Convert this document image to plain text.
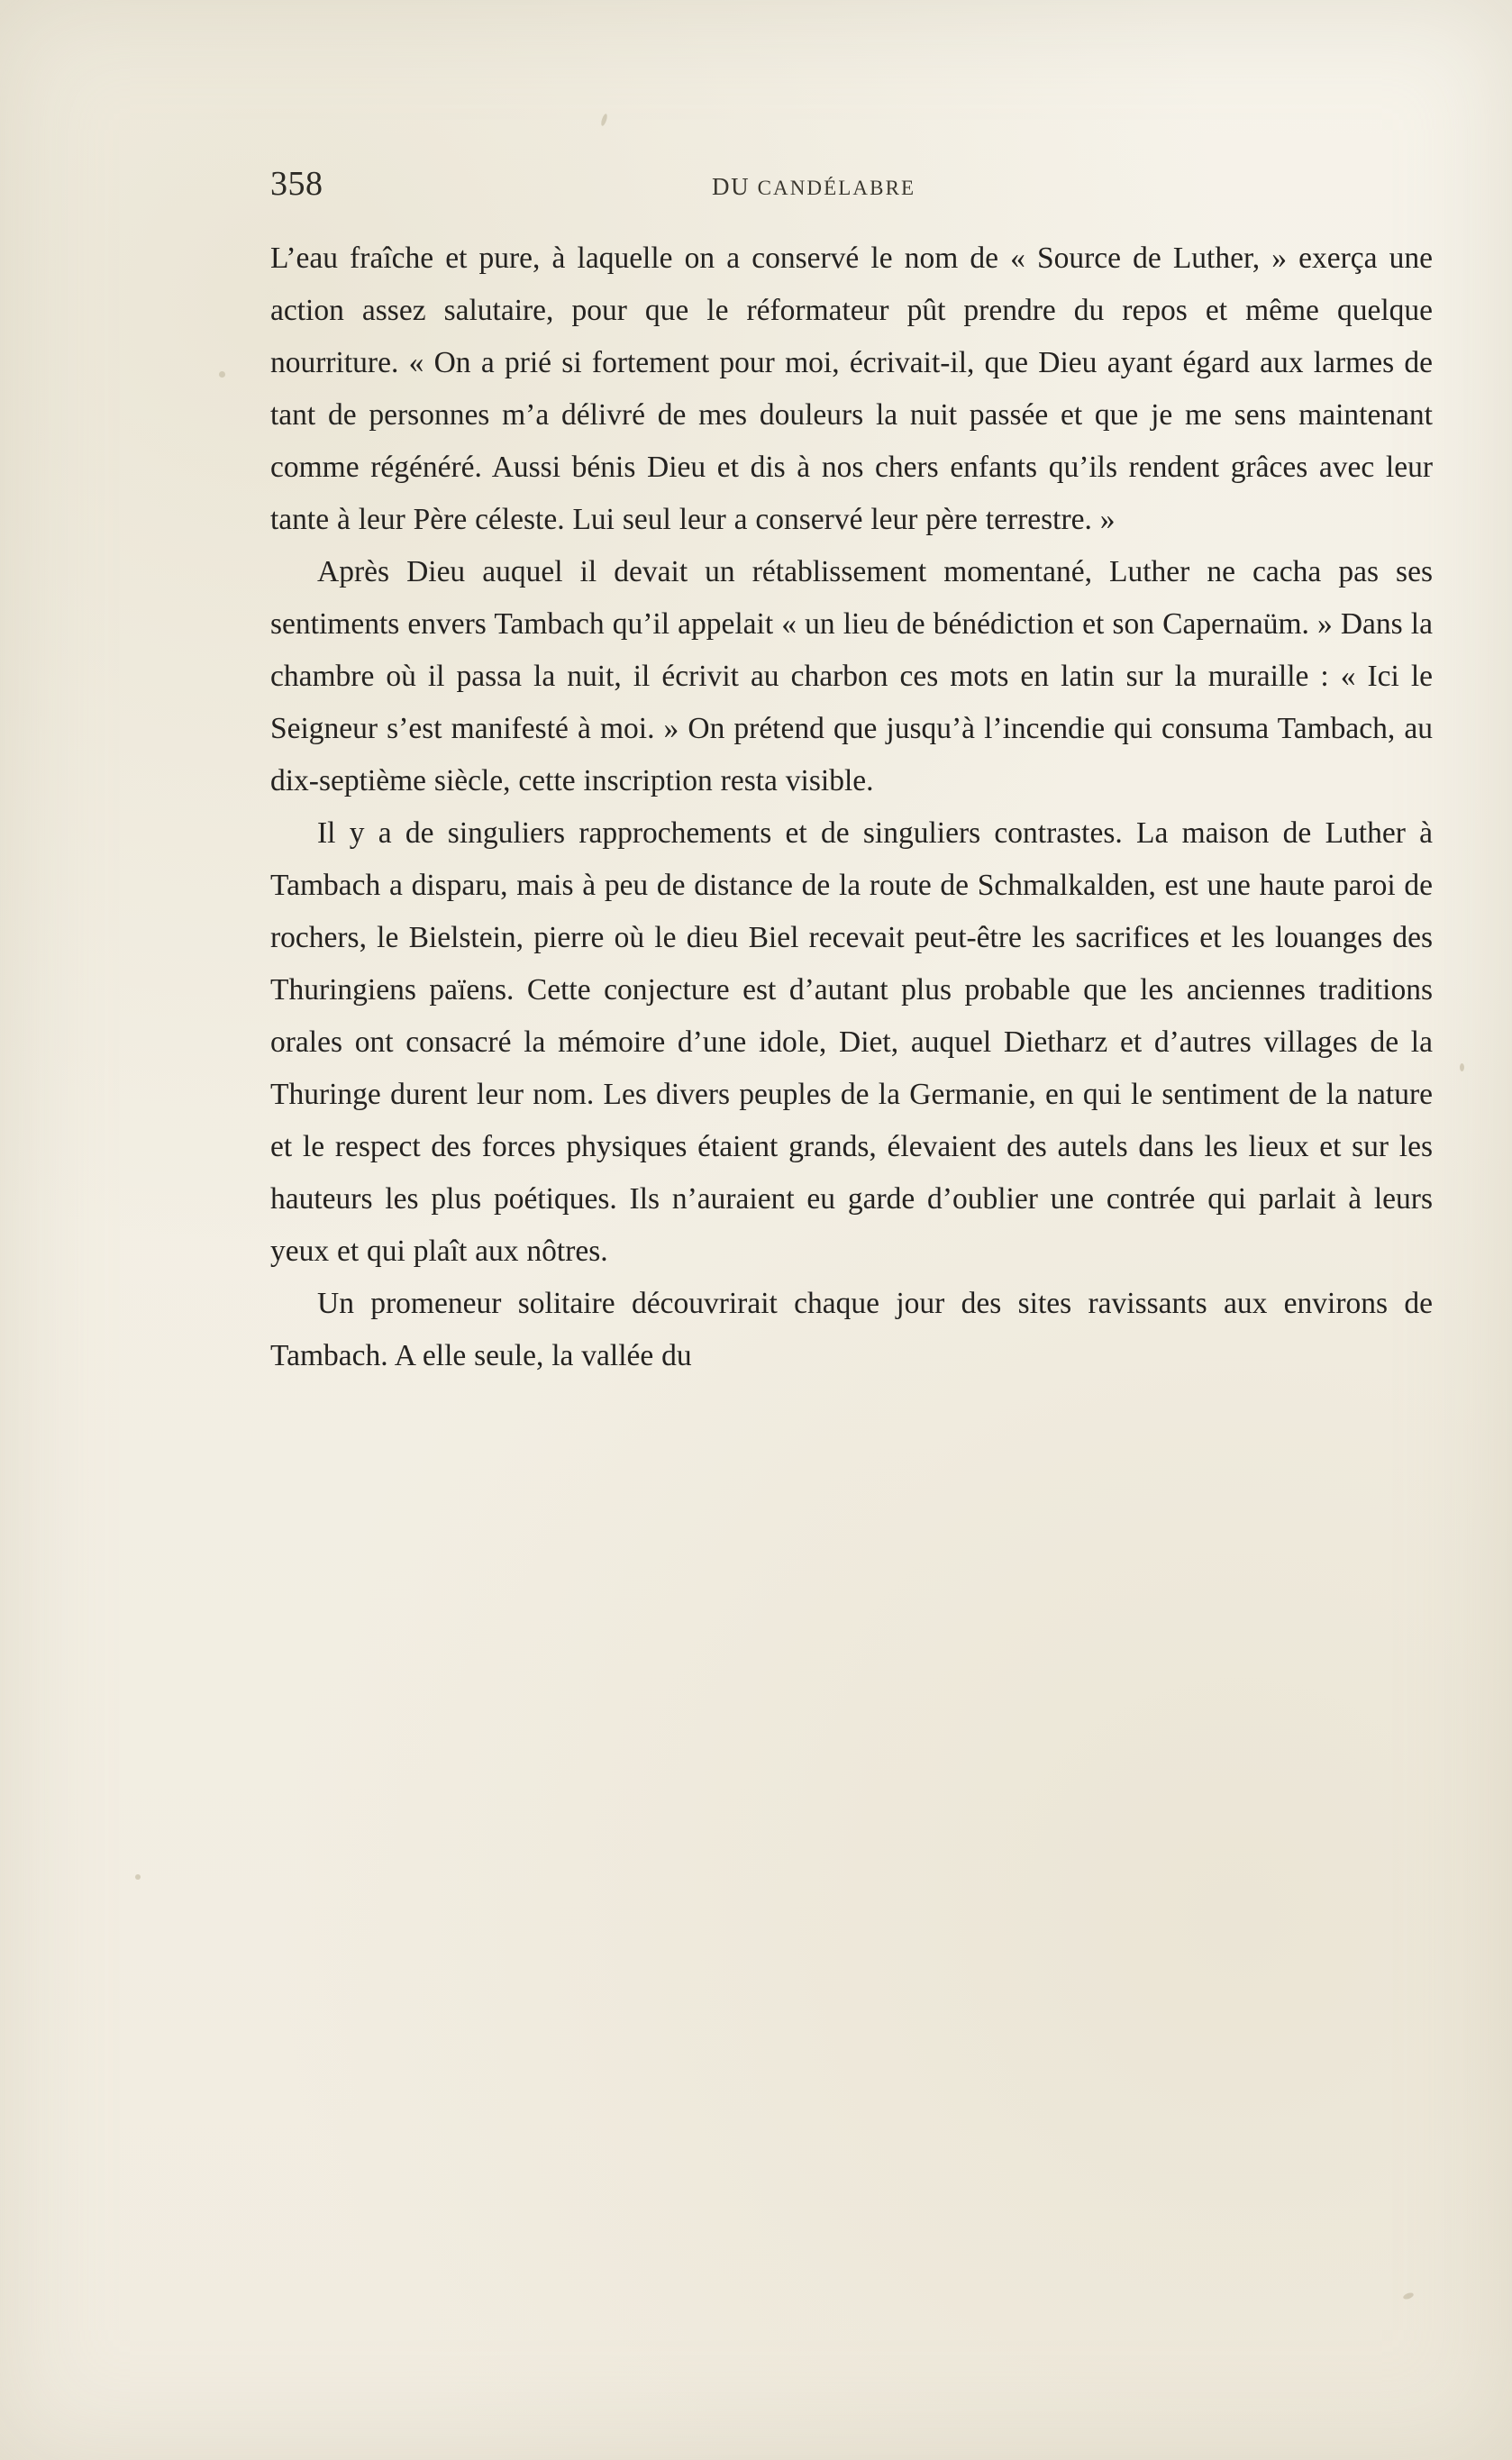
358	DU CANDÉLABRE

L’eau fraîche et pure, à laquelle on a conservé le nom de « Source de Luther, » exerça une action assez salutaire, pour que le réformateur pût prendre du repos et même quelque nourriture. « On a prié si fortement pour moi, écrivait-il, que Dieu ayant égard aux larmes de tant de personnes m’a délivré de mes douleurs la nuit passée et que je me sens maintenant comme régénéré. Aussi bénis Dieu et dis à nos chers enfants qu’ils rendent grâces avec leur tante à leur Père céleste. Lui seul leur a conservé leur père terrestre. »

Après Dieu auquel il devait un rétablissement momentané, Luther ne cacha pas ses sentiments envers Tambach qu’il appelait « un lieu de bénédiction et son Capernaüm. » Dans la chambre où il passa la nuit, il écrivit au charbon ces mots en latin sur la muraille : « Ici le Seigneur s’est manifesté à moi. » On prétend que jusqu’à l’incendie qui consuma Tambach, au dix-septième siècle, cette inscription resta visible.

Il y a de singuliers rapprochements et de singuliers contrastes. La maison de Luther à Tambach a disparu, mais à peu de distance de la route de Schmalkalden, est une haute paroi de rochers, le Bielstein, pierre où le dieu Biel recevait peut-être les sacrifices et les louanges des Thuringiens païens. Cette conjecture est d’autant plus probable que les anciennes traditions orales ont consacré la mémoire d’une idole, Diet, auquel Dietharz et d’autres villages de la Thuringe durent leur nom. Les divers peuples de la Germanie, en qui le sentiment de la nature et le respect des forces physiques étaient grands, élevaient des autels dans les lieux et sur les hauteurs les plus poétiques. Ils n’auraient eu garde d’oublier une contrée qui parlait à leurs yeux et qui plaît aux nôtres.

Un promeneur solitaire découvrirait chaque jour des sites ravissants aux environs de Tambach. A elle seule, la vallée du
